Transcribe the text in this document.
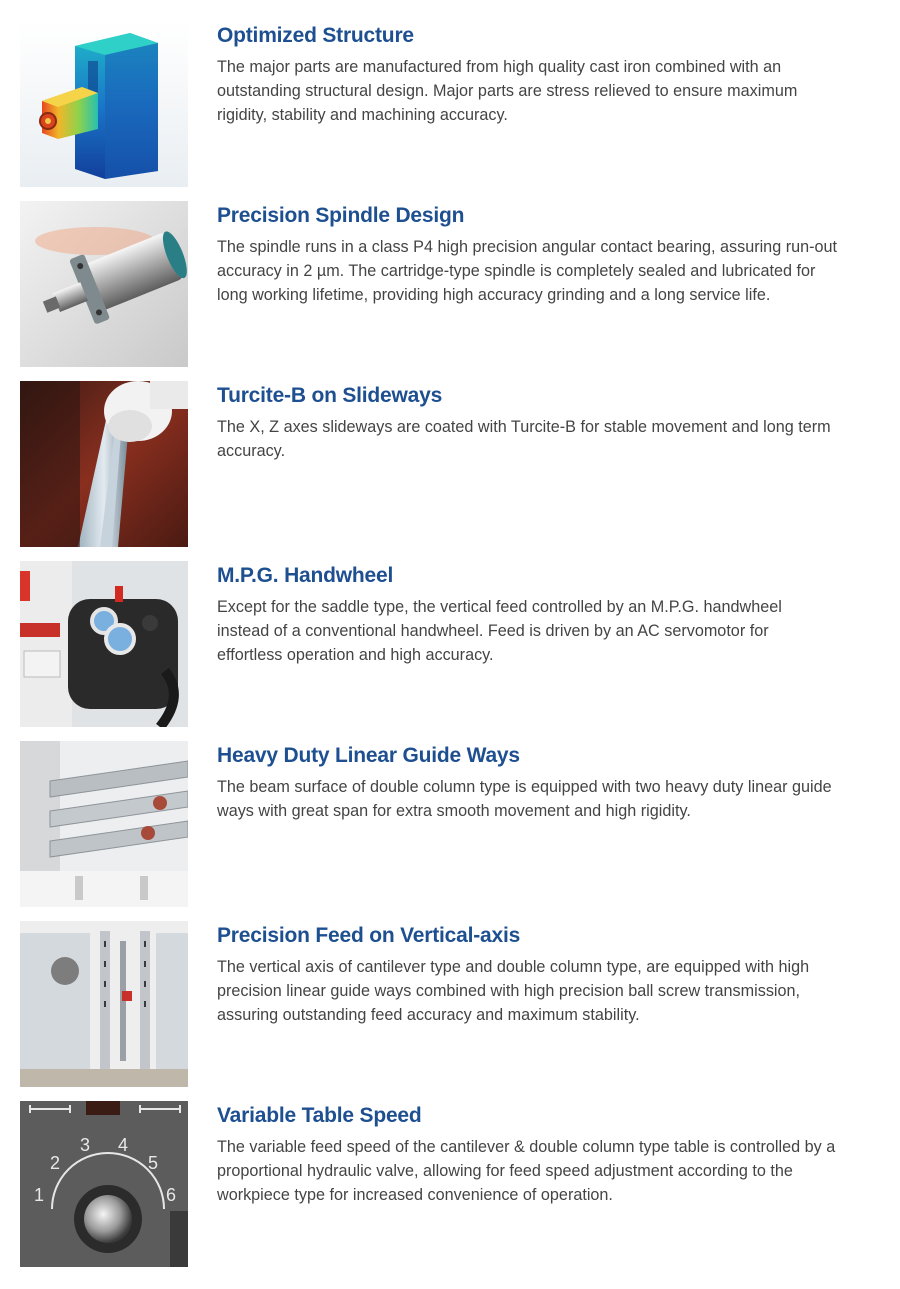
Optimized Structure

The major parts are manufactured from high quality cast iron combined with an outstanding structural design. Major parts are stress relieved to ensure maximum rigidity, stability and machining accuracy.

Precision Spindle Design

The spindle runs in a class P4 high precision angular contact bearing, assuring run-out accuracy in 2 µm. The cartridge-type spindle is completely sealed and lubricated for long working lifetime, providing high accuracy grinding and a long service life.

Turcite-B on Slideways

The X, Z axes slideways are coated with Turcite-B for stable movement and long term accuracy.

M.P.G. Handwheel

Except for the saddle type, the vertical feed controlled by an M.P.G. handwheel instead of a conventional handwheel. Feed is driven by an AC servomotor for effortless operation and high accuracy.

Heavy Duty Linear Guide Ways

The beam surface of double column type is equipped with two heavy duty linear guide ways with great span for extra smooth movement and high rigidity.

Precision Feed on Vertical-axis

The vertical axis of cantilever type and double column type, are equipped with high precision linear guide ways combined with high precision ball screw transmission, assuring outstanding feed accuracy and maximum stability.

1
2
3 4
5
6
Variable Table Speed

The variable feed speed of the cantilever & double column type table is controlled by a proportional hydraulic valve, allowing for feed speed adjustment according to the workpiece type for increased convenience of operation.
